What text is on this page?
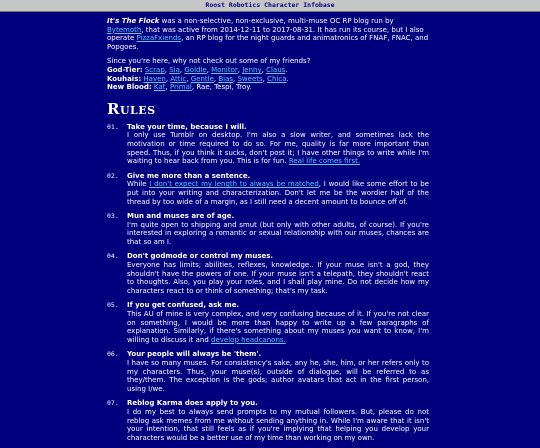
Roost Robotics Character Infobase

It's The Flock was a non-selective, non-exclusive, multi-muse OC RP blog run by Bytemoth, that was active from 2014-12-11 to 2017-08-31. It has run its course, but I also operate PizzaFxiends, an RP blog for the night guards and animatronics of FNAF, FNAC, and Popgoes.

Since you're here, why not check out some of my friends?
God-Tier: Scrap, Sia, Goldie, Monitor, Jenny, Claus.
Kouhais: Haven, Attic, Gentle, Bias, Sweets, Chica.
New Blood: Kat, Primal, Rae, Tespi, Troy.
Rules
01. Take your time, because I will.
I only use Tumblr on desktop. I'm also a slow writer, and sometimes lack the motivation or time required to do so. For me, quality is far more important than speed. Thus, if you think it sucks, don't post it; I have other things to write while I'm waiting to hear back from you. This is for fun. Real life comes first.
02. Give me more than a sentence.
While I don't expect my length to always be matched, I would like some effort to be put into your writing and characterization. Don't let me be the wordier half of the thread by too wide of a margin, as I still need a decent amount to bounce off of.
03. Mun and muses are of age.
I'm quite open to shipping and smut (but only with other adults, of course). If you're interested in exploring a romantic or sexual relationship with our muses, chances are that so am I.
04. Don't godmode or control my muses.
Everyone has limits; abilities, reflexes, knowledge.. If your muse isn't a god, they shouldn't have the powers of one. If your muse isn't a telepath, they shouldn't react to thoughts. Also, you play your roles, and I shall play mine. Do not decide how my characters react to or think of something; that's my task.
05. If you get confused, ask me.
This AU of mine is very complex, and very confusing because of it. If you're not clear on something, I would be more than happy to write up a few paragraphs of explanation. Similarly, if there's something about my muses you want to know, I'm willing to discuss it and develop headcanons.
06. Your people will always be 'them'.
I have so many muses. For consistency's sake, any he, she, him, or her refers only to my characters. Thus, your muse(s), outside of dialogue, will be referred to as they/them. The exception is the gods; author avatars that act in the first person, using I/we.
07. Reblog Karma does apply to you.
I do my best to always send prompts to my mutual followers. But, please do not reblog ask memes from me without sending anything in. While I'm aware that it isn't your intention, that still feels as if you're implying that helping you develop your characters would be a better use of my time than working on my own.
